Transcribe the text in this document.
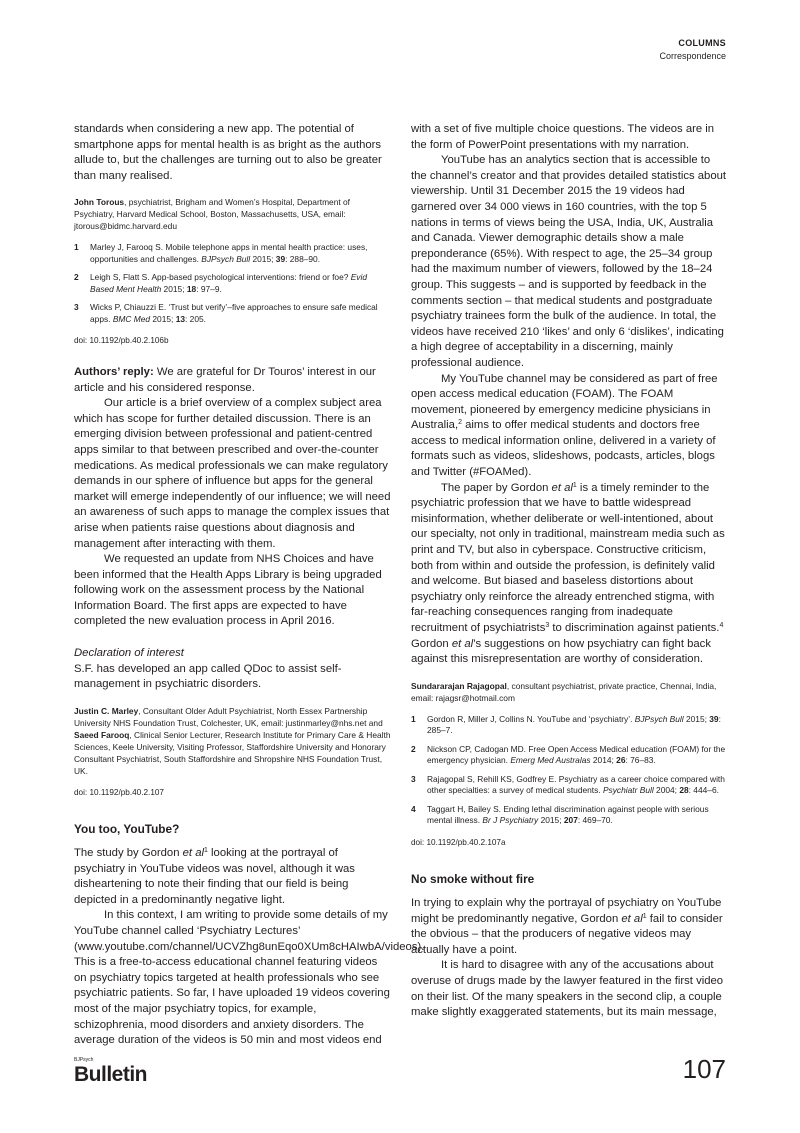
COLUMNS
Correspondence

standards when considering a new app. The potential of smartphone apps for mental health is as bright as the authors allude to, but the challenges are turning out to also be greater than many realised.

John Torous, psychiatrist, Brigham and Women’s Hospital, Department of Psychiatry, Harvard Medical School, Boston, Massachusetts, USA, email: jtorous@bidmc.harvard.edu
1 Marley J, Farooq S. Mobile telephone apps in mental health practice: uses, opportunities and challenges. BJPsych Bull 2015; 39: 288–90.
2 Leigh S, Flatt S. App-based psychological interventions: friend or foe? Evid Based Ment Health 2015; 18: 97–9.
3 Wicks P, Chiauzzi E. ‘Trust but verify’–five approaches to ensure safe medical apps. BMC Med 2015; 13: 205.
doi: 10.1192/pb.40.2.106b

Authors’ reply: We are grateful for Dr Touros’ interest in our article and his considered response.

Our article is a brief overview of a complex subject area which has scope for further detailed discussion. There is an emerging division between professional and patient-centred apps similar to that between prescribed and over-the-counter medications. As medical professionals we can make regulatory demands in our sphere of influence but apps for the general market will emerge independently of our influence; we will need an awareness of such apps to manage the complex issues that arise when patients raise questions about diagnosis and management after interacting with them.

We requested an update from NHS Choices and have been informed that the Health Apps Library is being upgraded following work on the assessment process by the National Information Board. The first apps are expected to have completed the new evaluation process in April 2016.

Declaration of interest

S.F. has developed an app called QDoc to assist self-management in psychiatric disorders.

Justin C. Marley, Consultant Older Adult Psychiatrist, North Essex Partnership University NHS Foundation Trust, Colchester, UK, email: justinmarley@nhs.net and Saeed Farooq, Clinical Senior Lecturer, Research Institute for Primary Care & Health Sciences, Keele University, Visiting Professor, Staffordshire University and Honorary Consultant Psychiatrist, South Staffordshire and Shropshire NHS Foundation Trust, UK.
doi: 10.1192/pb.40.2.107
You too, YouTube?

The study by Gordon et $al^1$ looking at the portrayal of psychiatry in YouTube videos was novel, although it was disheartening to note their finding that our field is being depicted in a predominantly negative light.

In this context, I am writing to provide some details of my YouTube channel called ‘Psychiatry Lectures’ (www.youtube.com/channel/UCVZhg8unEqo0XUm8cHAIwbA/videos). This is a free-to-access educational channel featuring videos on psychiatry topics targeted at health professionals who see psychiatric patients. So far, I have uploaded 19 videos covering most of the major psychiatry topics, for example, schizophrenia, mood disorders and anxiety disorders. The average duration of the videos is 50 min and most videos end

with a set of five multiple choice questions. The videos are in the form of PowerPoint presentations with my narration.

YouTube has an analytics section that is accessible to the channel’s creator and that provides detailed statistics about viewership. Until 31 December 2015 the 19 videos had garnered over 34 000 views in 160 countries, with the top 5 nations in terms of views being the USA, India, UK, Australia and Canada. Viewer demographic details show a male preponderance (65%). With respect to age, the 25–34 group had the maximum number of viewers, followed by the 18–24 group. This suggests – and is supported by feedback in the comments section – that medical students and postgraduate psychiatry trainees form the bulk of the audience. In total, the videos have received 210 ‘likes’ and only 6 ‘dislikes’, indicating a high degree of acceptability in a discerning, mainly professional audience.

My YouTube channel may be considered as part of free open access medical education (FOAM). The FOAM movement, pioneered by emergency medicine physicians in Australia,$^2$ aims to offer medical students and doctors free access to medical information online, delivered in a variety of formats such as videos, slideshows, podcasts, articles, blogs and Twitter (#FOAMed).

The paper by Gordon et $al^1$ is a timely reminder to the psychiatric profession that we have to battle widespread misinformation, whether deliberate or well-intentioned, about our specialty, not only in traditional, mainstream media such as print and TV, but also in cyberspace. Constructive criticism, both from within and outside the profession, is definitely valid and welcome. But biased and baseless distortions about psychiatry only reinforce the already entrenched stigma, with far-reaching consequences ranging from inadequate recruitment of psychiatrists$^3$ to discrimination against patients.$^4$ Gordon et al’s suggestions on how psychiatry can fight back against this misrepresentation are worthy of consideration.

Sundararajan Rajagopal, consultant psychiatrist, private practice, Chennai, India, email: rajagsr@hotmail.com
1 Gordon R, Miller J, Collins N. YouTube and ‘psychiatry’. BJPsych Bull 2015; 39: 285–7.
2 Nickson CP, Cadogan MD. Free Open Access Medical education (FOAM) for the emergency physician. Emerg Med Australas 2014; 26: 76–83.
3 Rajagopal S, Rehill KS, Godfrey E. Psychiatry as a career choice compared with other specialties: a survey of medical students. Psychiatr Bull 2004; 28: 444–6.
4 Taggart H, Bailey S. Ending lethal discrimination against people with serious mental illness. Br J Psychiatry 2015; 207: 469–70.
doi: 10.1192/pb.40.2.107a
No smoke without fire

In trying to explain why the portrayal of psychiatry on YouTube might be predominantly negative, Gordon et $al^1$ fail to consider the obvious – that the producers of negative videos may actually have a point.

It is hard to disagree with any of the accusations about overuse of drugs made by the lawyer featured in the first video on their list. Of the many speakers in the second clip, a couple make slightly exaggerated statements, but its main message,

BJPsych
Bulletin	107
